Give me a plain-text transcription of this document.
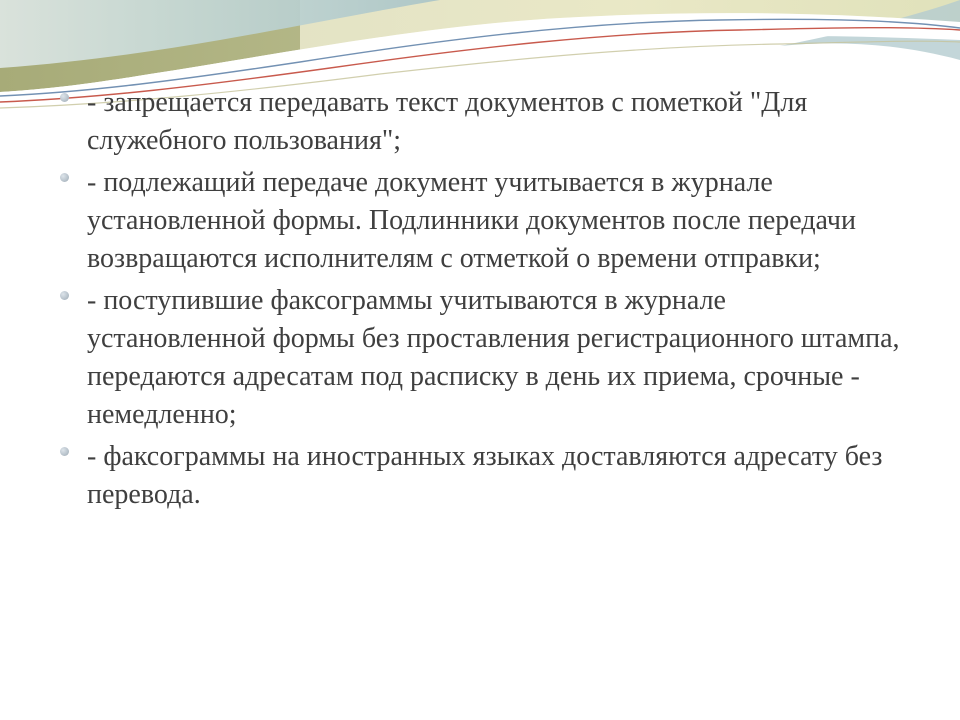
- запрещается передавать текст документов с пометкой "Для служебного пользования";
- подлежащий передаче документ учитывается в журнале установленной формы. Подлинники документов после передачи возвращаются исполнителям с отметкой о времени отправки;
- поступившие факсограммы учитываются в журнале установленной формы без проставления регистрационного штампа, передаются адресатам под расписку в день их приема, срочные - немедленно;
- факсограммы на иностранных языках доставляются адресату без перевода.
